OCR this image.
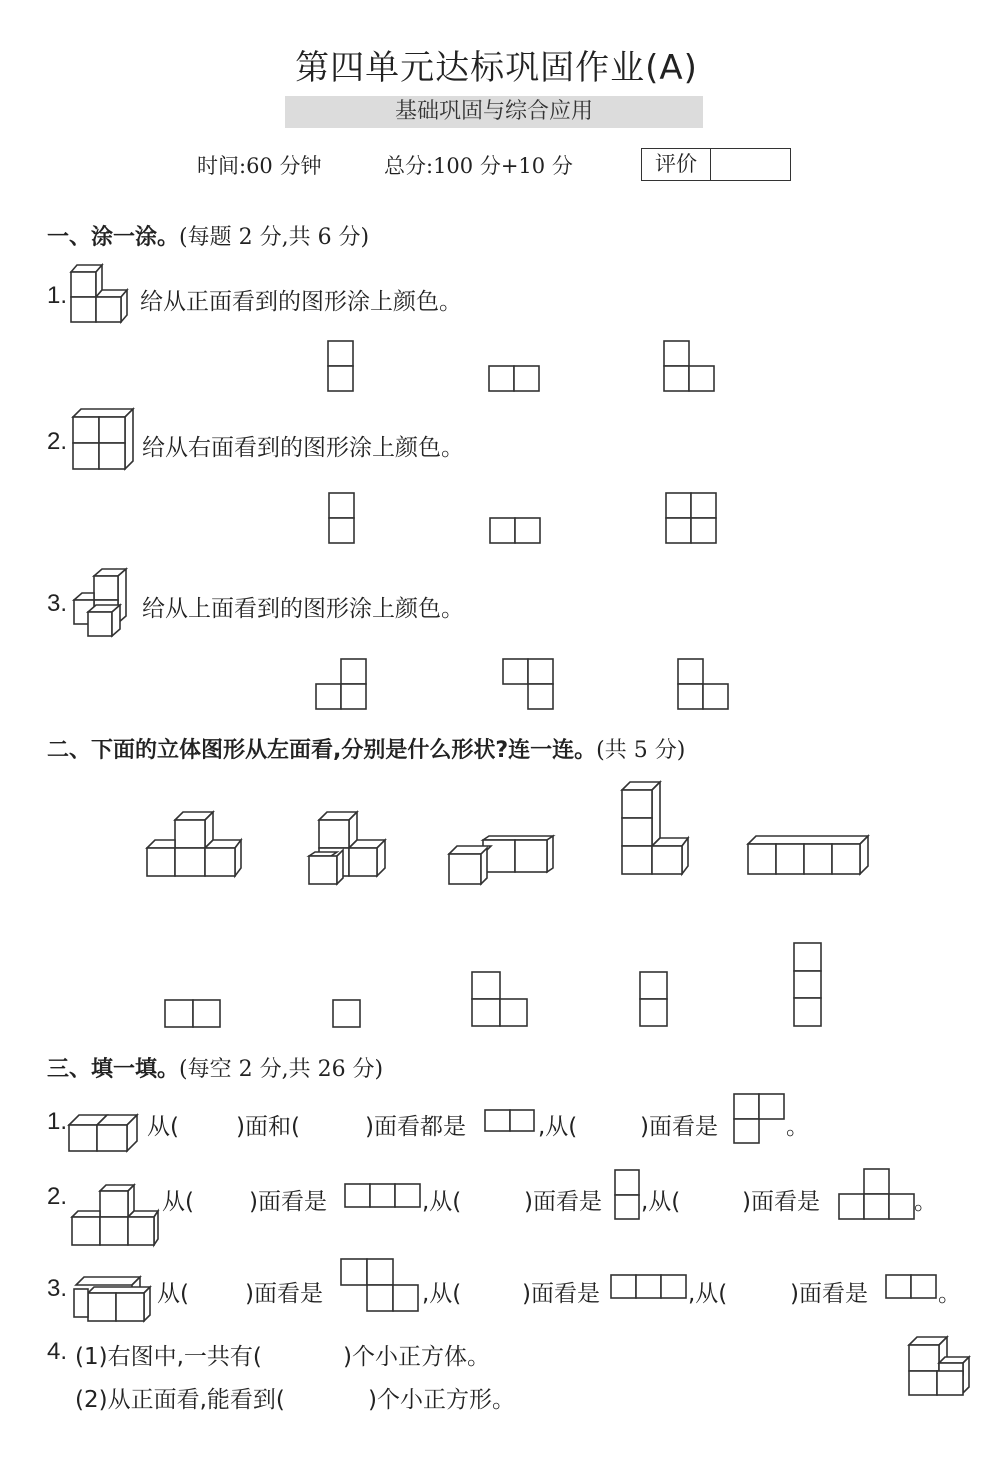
第四单元达标巩固作业(A)
基础巩固与综合应用
时间:60 分钟	总分:100 分+10 分	评价
一、涂一涂。(每题 2 分,共 6 分)
1.	给从正面看到的图形涂上颜色。
2.	给从右面看到的图形涂上颜色。
3.	给从上面看到的图形涂上颜色。
二、下面的立体图形从左面看,分别是什么形状?连一连。(共 5 分)
三、填一填。(每空 2 分,共 26 分)
1.	从( )面和(	)面看都是	,从(	)面看是	。
2.	从( )面看是	,从(	)面看是 ,从(	)面看是	。
3.	从( )面看是	,从(	)面看是	,从(	)面看是	。
4. (1)右图中,一共有(	)个小正方体。
(2)从正面看,能看到(	)个小正方形。
